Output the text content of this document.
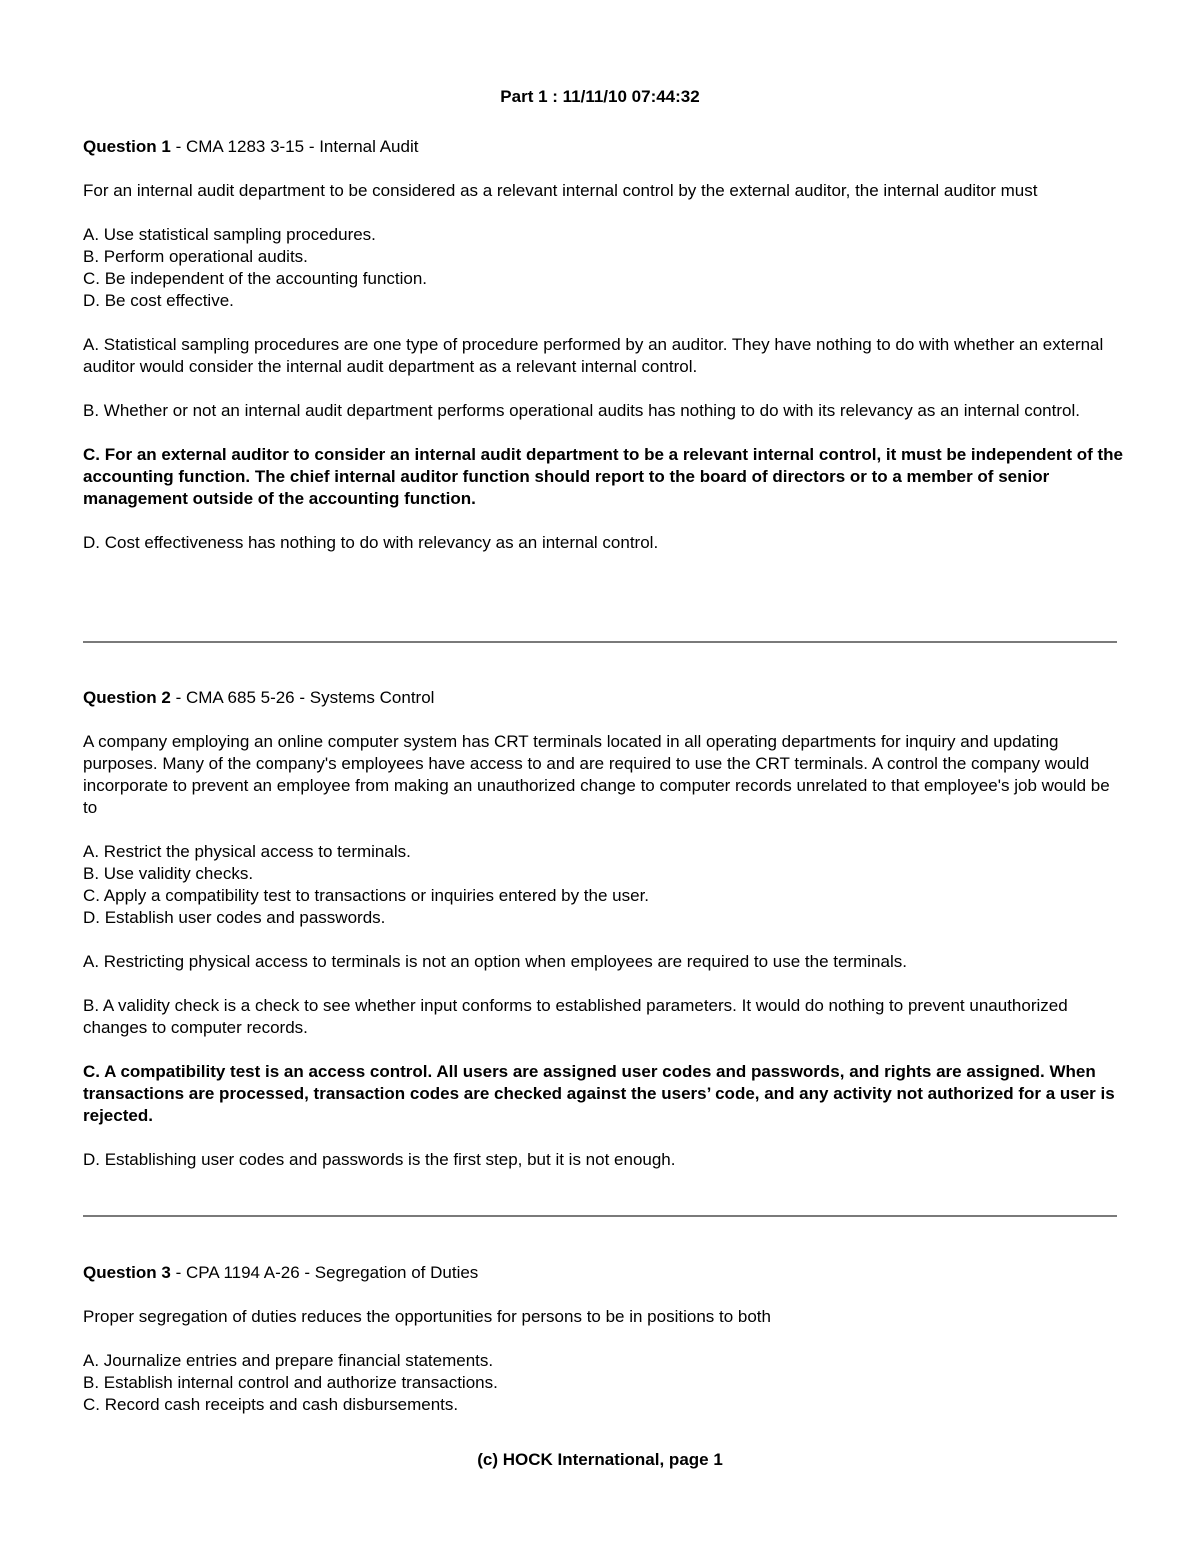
Part 1 : 11/11/10 07:44:32
Question 1 - CMA 1283 3-15 - Internal Audit

For an internal audit department to be considered as a relevant internal control by the external auditor, the internal auditor must

A. Use statistical sampling procedures.
B. Perform operational audits.
C. Be independent of the accounting function.
D. Be cost effective.

A. Statistical sampling procedures are one type of procedure performed by an auditor. They have nothing to do with whether an external auditor would consider the internal audit department as a relevant internal control.

B. Whether or not an internal audit department performs operational audits has nothing to do with its relevancy as an internal control.

C. For an external auditor to consider an internal audit department to be a relevant internal control, it must be independent of the accounting function. The chief internal auditor function should report to the board of directors or to a member of senior management outside of the accounting function.

D. Cost effectiveness has nothing to do with relevancy as an internal control.

Question 2 - CMA 685 5-26 - Systems Control

A company employing an online computer system has CRT terminals located in all operating departments for inquiry and updating purposes. Many of the company's employees have access to and are required to use the CRT terminals. A control the company would incorporate to prevent an employee from making an unauthorized change to computer records unrelated to that employee's job would be to

A. Restrict the physical access to terminals.
B. Use validity checks.
C. Apply a compatibility test to transactions or inquiries entered by the user.
D. Establish user codes and passwords.

A. Restricting physical access to terminals is not an option when employees are required to use the terminals.

B. A validity check is a check to see whether input conforms to established parameters. It would do nothing to prevent unauthorized changes to computer records.

C. A compatibility test is an access control. All users are assigned user codes and passwords, and rights are assigned. When transactions are processed, transaction codes are checked against the users’ code, and any activity not authorized for a user is rejected.

D. Establishing user codes and passwords is the first step, but it is not enough.

Question 3 - CPA 1194 A-26 - Segregation of Duties

Proper segregation of duties reduces the opportunities for persons to be in positions to both

A. Journalize entries and prepare financial statements.
B. Establish internal control and authorize transactions.
C. Record cash receipts and cash disbursements.
(c) HOCK International, page 1
